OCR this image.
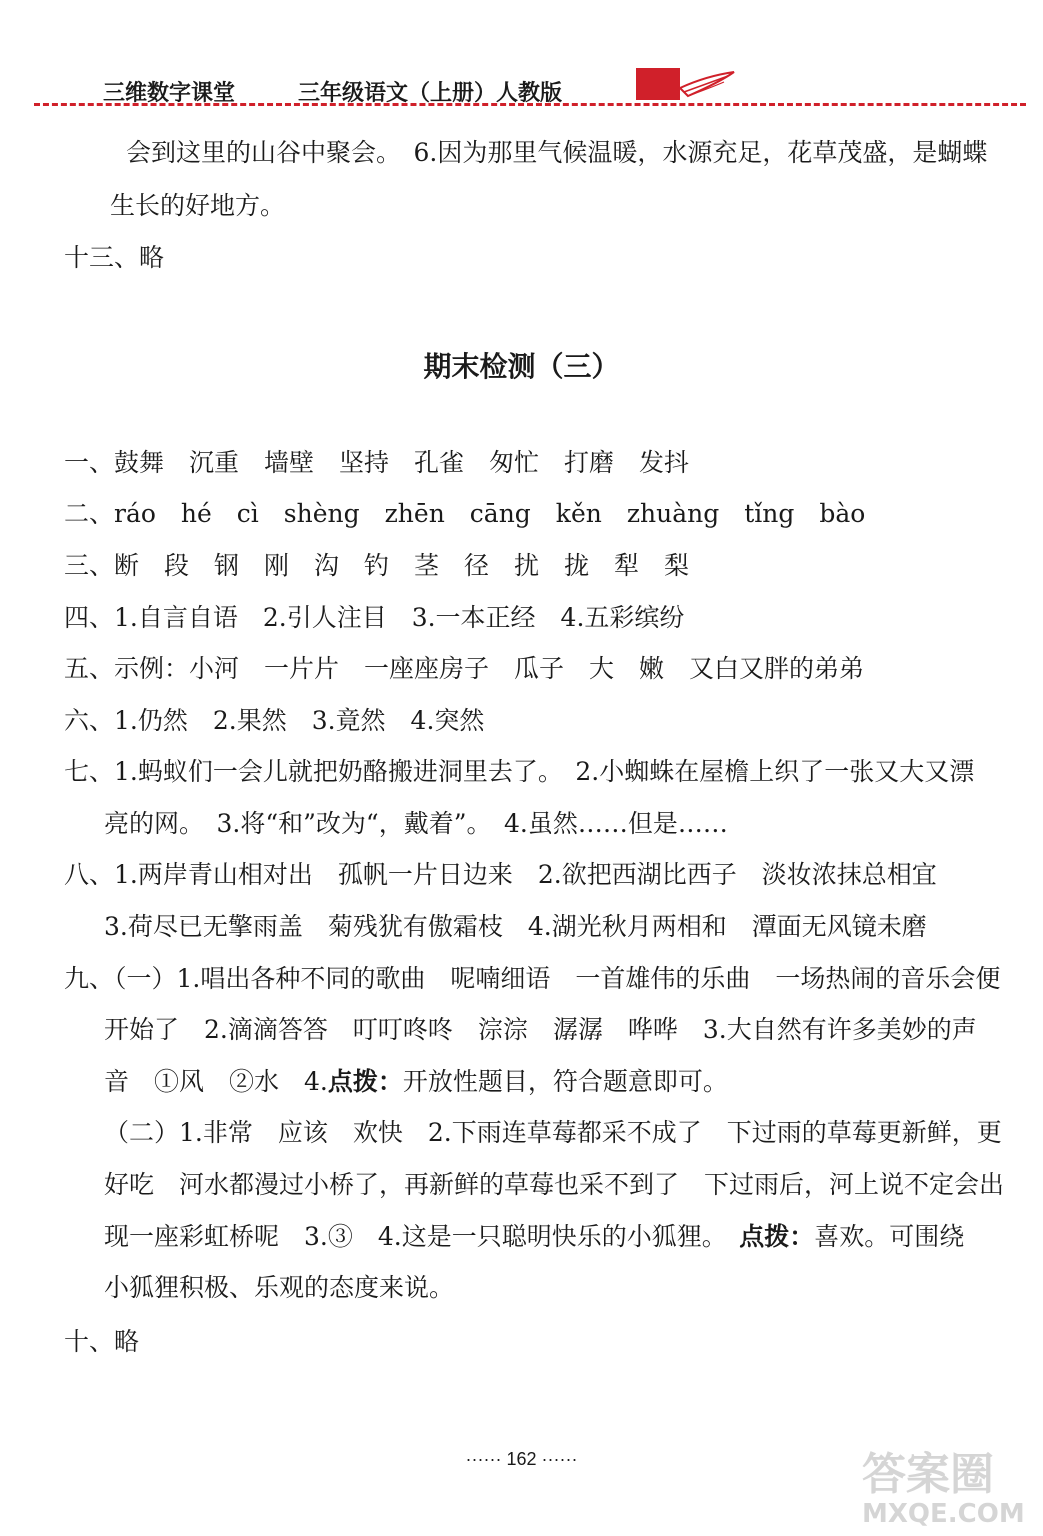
三维数字课堂	三年级语文（上册）人教版

会到这里的山谷中聚会。　6.因为那里气候温暖，水源充足，花草茂盛，是蝴蝶

生长的好地方。

十三、略

期末检测（三）

一、鼓舞　沉重　墙壁　坚持　孔雀　匆忙　打磨　发抖

二、ráo　hé　cì　shèng　zhēn　cāng　kěn　zhuàng　tǐng　bào

三、断　段　钢　刚　沟　钓　茎　径　扰　拢　犁　梨

四、1.自言自语　2.引人注目　3.一本正经　4.五彩缤纷

五、示例：小河　一片片　一座座房子　瓜子　大　嫩　又白又胖的弟弟

六、1.仍然　2.果然　3.竟然　4.突然

七、1.蚂蚁们一会儿就把奶酪搬进洞里去了。　2.小蜘蛛在屋檐上织了一张又大又漂

亮的网。　3.将“和”改为“，戴着”。　4.虽然……但是……

八、1.两岸青山相对出　孤帆一片日边来　2.欲把西湖比西子　淡妆浓抹总相宜

3.荷尽已无擎雨盖　菊残犹有傲霜枝　4.湖光秋月两相和　潭面无风镜未磨

九、（一）1.唱出各种不同的歌曲　呢喃细语　一首雄伟的乐曲　一场热闹的音乐会便

开始了　2.滴滴答答　叮叮咚咚　淙淙　潺潺　哗哗　3.大自然有许多美妙的声

音　①风　②水　4.点拨：开放性题目，符合题意即可。

（二）1.非常　应该　欢快　2.下雨连草莓都采不成了　下过雨的草莓更新鲜，更

好吃　河水都漫过小桥了，再新鲜的草莓也采不到了　下过雨后，河上说不定会出

现一座彩虹桥呢　3.③　4.这是一只聪明快乐的小狐狸。　点拨：喜欢。可围绕

小狐狸积极、乐观的态度来说。

十、略

······ 162 ······	答案圈
MXQE.COM
